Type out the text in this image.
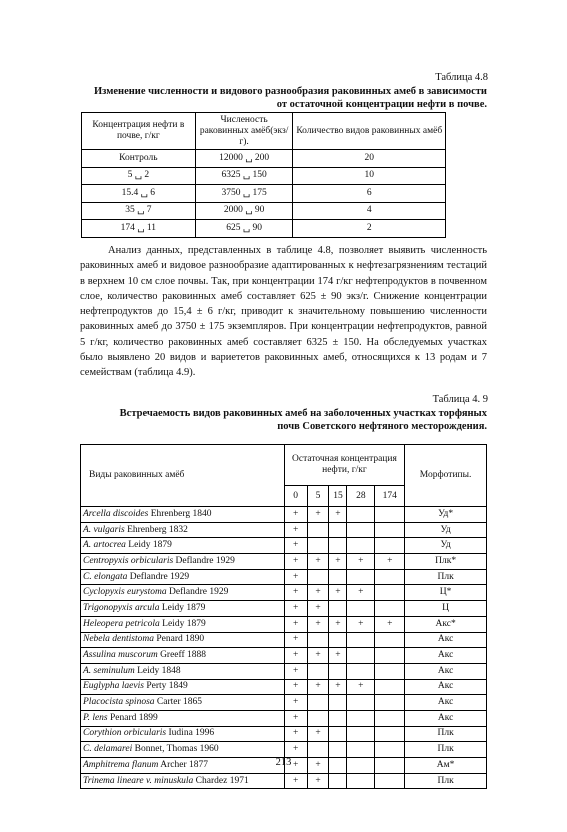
Таблица 4.8
Изменение численности и видового разнообразия раковинных амеб в зависимости
от остаточной концентрации нефти в почве.
Концентрация нефти в почве, г/кг	Численость раковинных амёб(экз/г).	Количество видов раковинных амёб
Контроль	12000 ␣ 200	20
5 ␣ 2	6325 ␣ 150	10
15.4 ␣ 6	3750 ␣ 175	6
35 ␣ 7	2000 ␣ 90	4
174 ␣ 11	625 ␣ 90	2

Анализ данных, представленных в таблице 4.8, позволяет выявить численность раковинных амеб и видовое разнообразие адаптированных к нефтезагрязнениям тестаций в верхнем 10 см слое почвы. Так, при концентрации 174 г/кг нефтепродуктов в почвенном слое, количество раковинных амеб составляет 625 ± 90 экз/г. Снижение концентрации нефтепродуктов до 15,4 ± 6 г/кг, приводит к значительному повышению численности раковинных амеб до 3750 ± 175 экземпляров. При концентрации нефтепродуктов, равной 5 г/кг, количество раковинных амеб составляет 6325 ± 150. На обследуемых участках было выявлено 20 видов и вариететов раковинных амеб, относящихся к 13 родам и 7 семействам (таблица 4.9).

Таблица 4. 9
Встречаемость видов раковинных амеб на заболоченных участках торфяных
почв Советского нефтяного месторождения.
Виды раковинных амёб	Остаточная концентрация нефти, г/кг					Морфотипы.
	0	5	15	28	174	
Arcella discoides Ehrenberg 1840	+	+	+			Уд*
A. vulgaris Ehrenberg 1832	+					Уд
A. artocrea Leidy 1879	+					Уд
Centropyxis orbicularis Deflandre 1929	+	+	+	+	+	Плк*
C. elongata Deflandre 1929	+					Плк
Cyclopyxis eurystoma Deflandre 1929	+	+	+	+		Ц*
Trigonopyxis arcula Leidy 1879	+	+				Ц
Heleopera petricola Leidy 1879	+	+	+	+	+	Акс*
Nebela dentistoma Penard 1890	+					Акс
Assulina muscorum Greeff 1888	+	+	+			Акс
A. seminulum Leidy 1848	+					Акс
Euglypha laevis Perty 1849	+	+	+	+		Акс
Placocista spinosa Carter 1865	+					Акс
P. lens Penard 1899	+					Акс
Corythion orbicularis Iudina 1996	+	+				Плк
C. delamarei Bonnet, Thomas 1960	+					Плк
Amphitrema flanum Archer 1877	+	+				Ам*
Trinema lineare v. minuskula Chardez 1971	+	+				Плк
213
